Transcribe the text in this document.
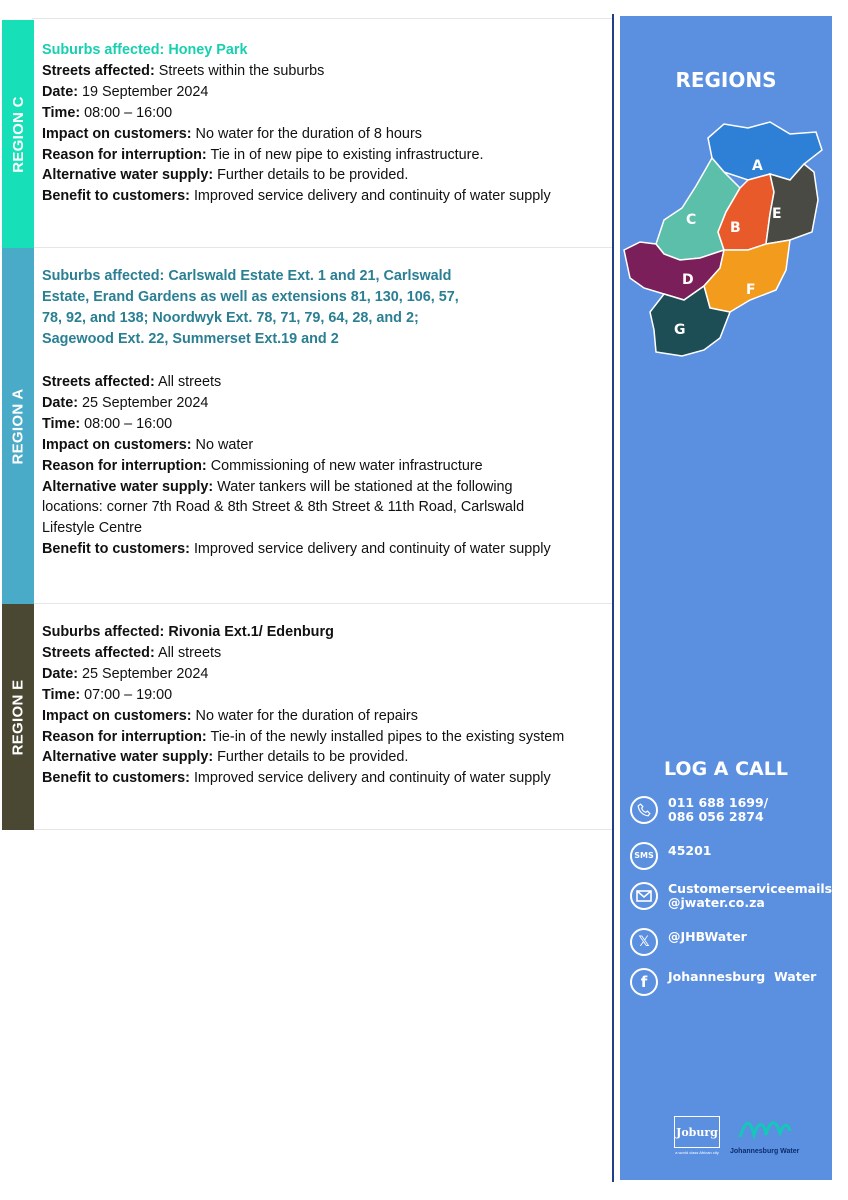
REGION C
Suburbs affected: Honey Park
Streets affected: Streets within the suburbs
Date: 19 September 2024
Time: 08:00 – 16:00
Impact on customers: No water for the duration of 8 hours
Reason for interruption: Tie in of new pipe to existing infrastructure.
Alternative water supply: Further details to be provided.
Benefit to customers: Improved service delivery and continuity of water supply
REGION A
Suburbs affected: Carlswald Estate Ext. 1 and 21, Carlswald Estate, Erand Gardens as well as extensions 81, 130, 106, 57, 78, 92, and 138; Noordwyk Ext. 78, 71, 79, 64, 28, and 2; Sagewood Ext. 22, Summerset Ext.19 and 2
Streets affected: All streets
Date: 25 September 2024
Time: 08:00 – 16:00
Impact on customers: No water
Reason for interruption: Commissioning of new water infrastructure
Alternative water supply: Water tankers will be stationed at the following locations: corner 7th Road & 8th Street & 8th Street & 11th Road, Carlswald Lifestyle Centre
Benefit to customers: Improved service delivery and continuity of water supply
REGION E
Suburbs affected: Rivonia Ext.1/ Edenburg
Streets affected: All streets
Date: 25 September 2024
Time: 07:00 – 19:00
Impact on customers: No water for the duration of repairs
Reason for interruption: Tie-in of the newly installed pipes to the existing system
Alternative water supply: Further details to be provided.
Benefit to customers: Improved service delivery and continuity of water supply
REGIONS
A
B
C
D
E
F
G
LOG A CALL
011 688 1699/
086 056 2874
SMS	45201
Customerserviceemails
@jwater.co.za
𝕏	@JHBWater
f	Johannesburg  Water
Joburg
a world class African city Johannesburg Water
